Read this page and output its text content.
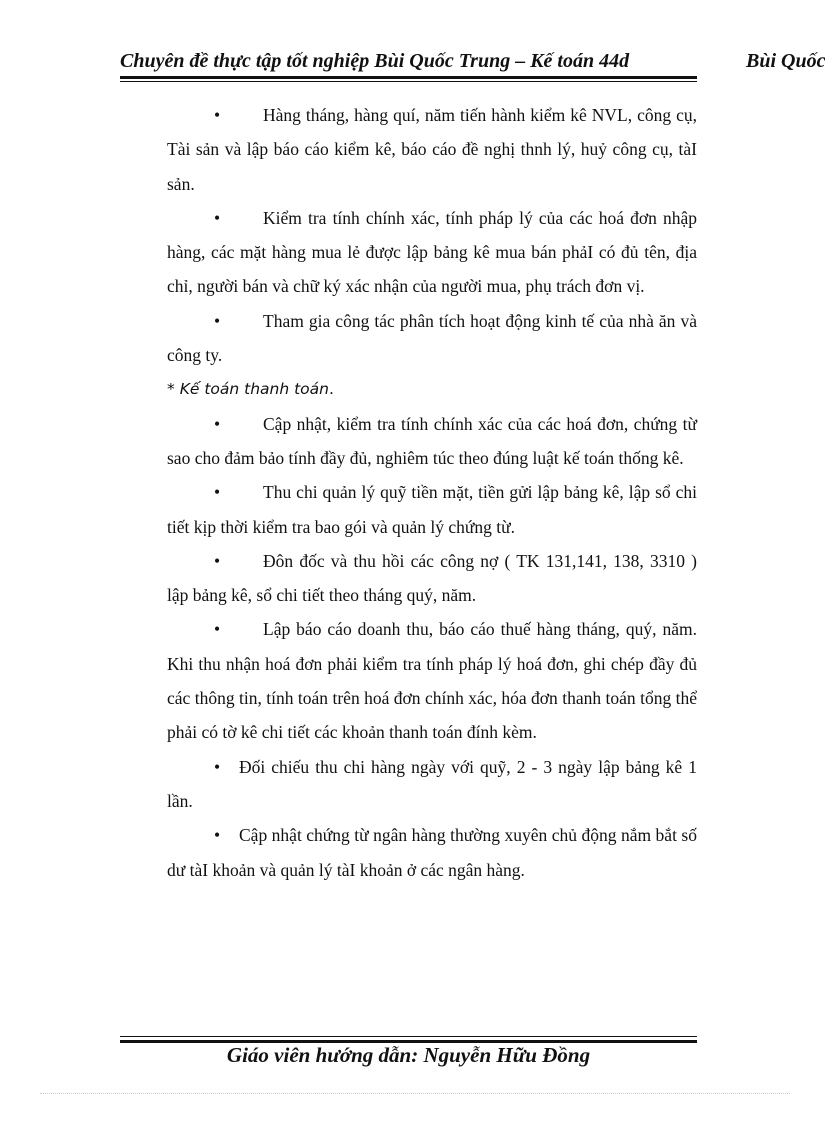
Chuyên đề thực tập tốt nghiệp Bùi Quốc Trung – Kế toán 44d	Bùi Quốc

• Hàng tháng, hàng quí, năm tiến hành kiểm kê NVL, công cụ, Tài sản và lập báo cáo kiểm kê, báo cáo đề nghị thnh lý, huỷ công cụ, tàI sản.

• Kiểm tra tính chính xác, tính pháp lý của các hoá đơn nhập hàng, các mặt hàng mua lẻ được lập bảng kê mua bán phảI có đủ tên, địa chỉ, người bán và chữ ký xác nhận của người mua, phụ trách đơn vị.

• Tham gia công tác phân tích hoạt động kinh tế của nhà ăn và công ty.

* Kế toán thanh toán.

• Cập nhật, kiểm tra tính chính xác của các hoá đơn, chứng từ sao cho đảm bảo tính đầy đủ, nghiêm túc theo đúng luật kế toán thống kê.

• Thu chi quản lý quỹ tiền mặt, tiền gửi lập bảng kê, lập sổ chi tiết kịp thời kiểm tra bao gói và quản lý chứng từ.

• Đôn đốc và thu hồi các công nợ ( TK 131,141, 138, 3310 ) lập bảng kê, sổ chi tiết theo tháng quý, năm.

• Lập báo cáo doanh thu, báo cáo thuế hàng tháng, quý, năm. Khi thu nhận hoá đơn phải kiểm tra tính pháp lý hoá đơn, ghi chép đầy đủ các thông tin, tính toán trên hoá đơn chính xác, hóa đơn thanh toán tổng thể phải có tờ kê chi tiết các khoản thanh toán đính kèm.

• Đối chiếu thu chi hàng ngày với quỹ, 2 - 3 ngày lập bảng kê 1 lần.

• Cập nhật chứng từ ngân hàng thường xuyên chủ động nắm bắt số dư tàI khoản và quản lý tàI khoản ở các ngân hàng.

Giáo viên hướng dẫn: Nguyễn Hữu Đồng
